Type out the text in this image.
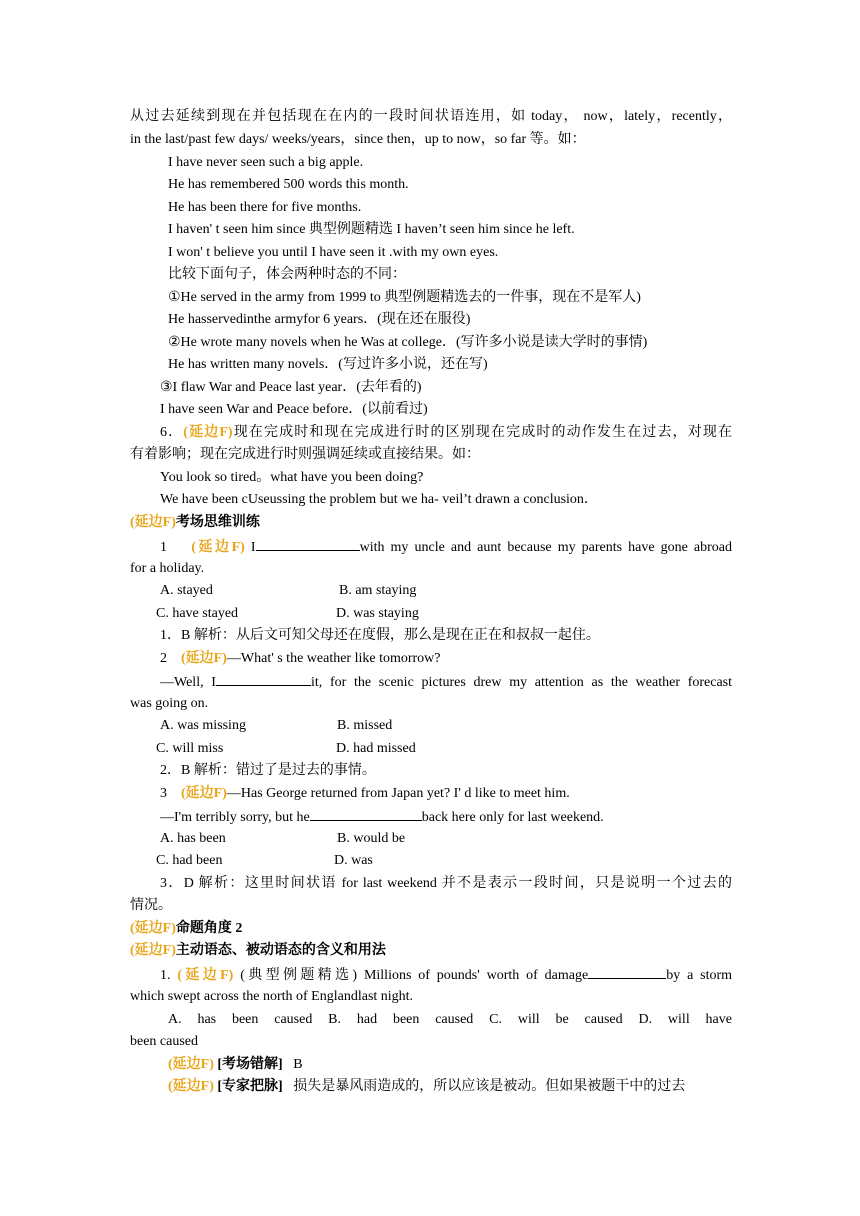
从过去延续到现在并包括现在在内的一段时间状语连用，如 today， now，lately，recently，
in the last/past few days/ weeks/years，since then，up to now，so far 等。如：
I have never seen such a big apple.
He has remembered 500 words this month.
He has been there for five months.
I haven' t seen him since 典型例题精选 I haven’t seen him since he left.
I won' t believe you until I have seen it .with my own eyes.
比较下面句子，体会两种时态的不同：
①He served in the army from 1999 to 典型例题精选去的一件事，现在不是军人)
He hasservedinthe armyfor 6 years．(现在还在服役)
②He wrote many novels when he Was at college．(写许多小说是读大学时的事情)
He has written many novels．(写过许多小说，还在写)
③I flaw War and Peace last year．(去年看的)
I have seen War and Peace before．(以前看过)
6．(延边F)现在完成时和现在完成进行时的区别现在完成时的动作发生在过去，对现在
有着影响；现在完成进行时则强调延续或直接结果。如：
You look so tired。what have you been doing?
We have been cUseussing the problem but we ha- veil’t drawn a conclusion．
(延边F)考场思维训练
1 (延边F) I	with my uncle and aunt because my parents have gone abroad
for a holiday.
A. stayed	B. am staying
C. have stayed	D. was staying
1．B 解析：从后文可知父母还在度假，那么是现在正在和叔叔一起住。
2 (延边F)—What' s the weather like tomorrow?
—Well, I	it, for the scenic pictures drew my attention as the weather forecast
was going on.
A. was missing	B. missed
C. will miss	D. had missed
2．B 解析：错过了是过去的事情。
3 (延边F)—Has George returned from Japan yet? I' d like to meet him.
—I'm terribly sorry, but he	back here only for last weekend.
A. has been	B. would be
C. had been	D. was
3．D 解析：这里时间状语 for last weekend 并不是表示一段时间，只是说明一个过去的
情况。
(延边F)命题角度 2
(延边F)主动语态、被动语态的含义和用法
1. (延边F) (典型例题精选) Millions of pounds' worth of damage	by a storm
which swept across the north of Englandlast night.
A. has been caused B. had been caused C. will be caused D. will have
been caused
(延边F) [考场错解] B
(延边F) [专家把脉] 损失是暴风雨造成的，所以应该是被动。但如果被题干中的过去
